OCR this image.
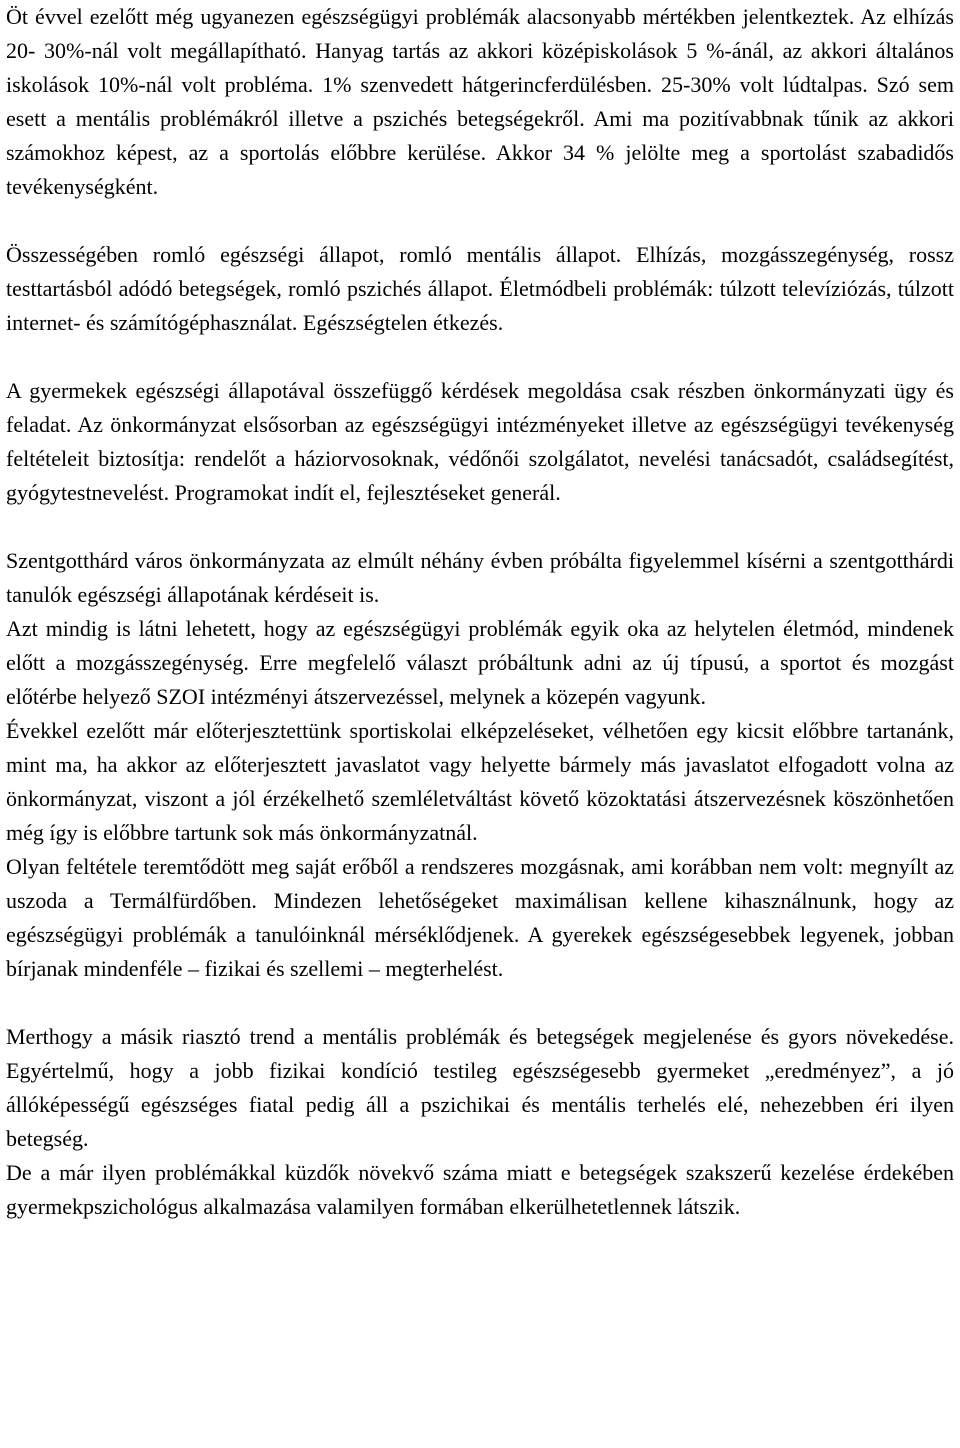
Öt évvel ezelőtt még ugyanezen egészségügyi problémák alacsonyabb mértékben jelentkeztek. Az elhízás 20- 30%-nál volt megállapítható. Hanyag tartás az akkori középiskolások 5 %-ánál, az akkori általános iskolások 10%-nál volt probléma. 1% szenvedett hátgerincferdülésben. 25-30% volt lúdtalpas. Szó sem esett a mentális problémákról illetve a pszichés betegségekről. Ami ma pozitívabbnak tűnik az akkori számokhoz képest, az a sportolás előbbre kerülése. Akkor 34 % jelölte meg a sportolást szabadidős tevékenységként.

Összességében romló egészségi állapot, romló mentális állapot. Elhízás, mozgásszegénység, rossz testtartásból adódó betegségek, romló pszichés állapot. Életmódbeli problémák: túlzott televíziózás, túlzott internet- és számítógéphasználat. Egészségtelen étkezés.

A gyermekek egészségi állapotával összefüggő kérdések megoldása csak részben önkormányzati ügy és feladat. Az önkormányzat elsősorban az egészségügyi intézményeket illetve az egészségügyi tevékenység feltételeit biztosítja: rendelőt a háziorvosoknak, védőnői szolgálatot, nevelési tanácsadót, családsegítést, gyógytestnevelést. Programokat indít el, fejlesztéseket generál.

Szentgotthárd város önkormányzata az elmúlt néhány évben próbálta figyelemmel kísérni a szentgotthárdi tanulók egészségi állapotának kérdéseit is.

Azt mindig is látni lehetett, hogy az egészségügyi problémák egyik oka az helytelen életmód, mindenek előtt a mozgásszegénység. Erre megfelelő választ próbáltunk adni az új típusú, a sportot és mozgást előtérbe helyező SZOI intézményi átszervezéssel, melynek a közepén vagyunk.

Évekkel ezelőtt már előterjesztettünk sportiskolai elképzeléseket, vélhetően egy kicsit előbbre tartanánk, mint ma, ha akkor az előterjesztett javaslatot vagy helyette bármely más javaslatot elfogadott volna az önkormányzat, viszont a jól érzékelhető szemléletváltást követő közoktatási átszervezésnek köszönhetően még így is előbbre tartunk sok más önkormányzatnál.

Olyan feltétele teremtődött meg saját erőből a rendszeres mozgásnak, ami korábban nem volt: megnyílt az uszoda a Termálfürdőben. Mindezen lehetőségeket maximálisan kellene kihasználnunk, hogy az egészségügyi problémák a tanulóinknál mérséklődjenek. A gyerekek egészségesebbek legyenek, jobban bírjanak mindenféle – fizikai és szellemi – megterhelést.

Merthogy a másik riasztó trend a mentális problémák és betegségek megjelenése és gyors növekedése. Egyértelmű, hogy a jobb fizikai kondíció testileg egészségesebb gyermeket „eredményez”, a jó állóképességű egészséges fiatal pedig áll a pszichikai és mentális terhelés elé, nehezebben éri ilyen betegség.

De a már ilyen problémákkal küzdők növekvő száma miatt e betegségek szakszerű kezelése érdekében gyermekpszichológus alkalmazása valamilyen formában elkerülhetetlennek látszik.
